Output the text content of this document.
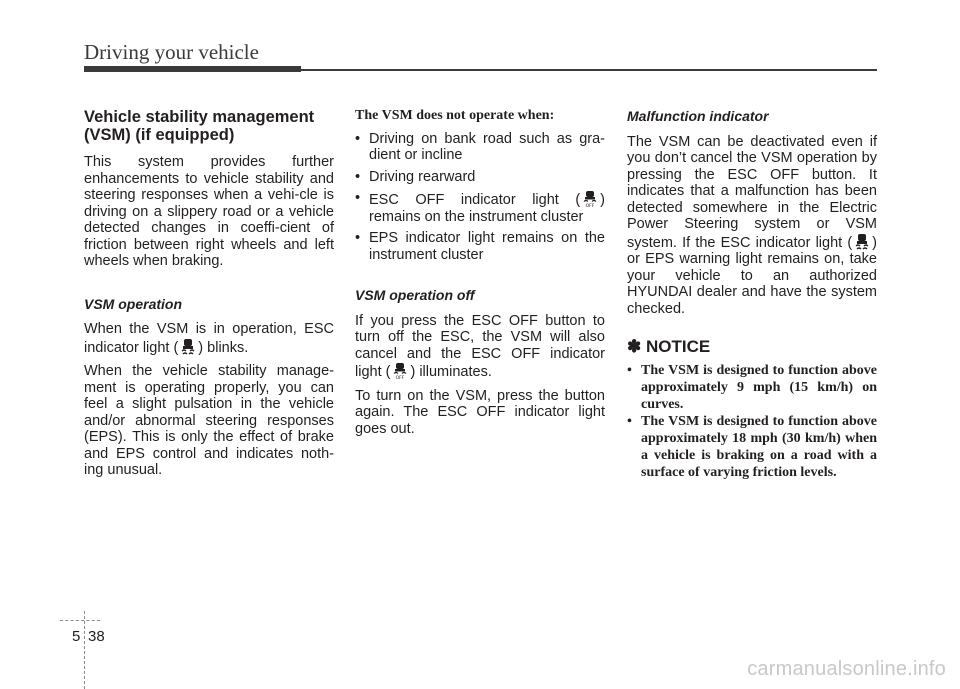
Driving your vehicle
Vehicle stability management (VSM) (if equipped)

This system provides further enhancements to vehicle stability and steering responses when a vehi-cle is driving on a slippery road or a vehicle detected changes in coeffi-cient of friction between right wheels and left wheels when braking.

VSM operation

When the VSM is in operation, ESC indicator light ( ) blinks.

When the vehicle stability manage-ment is operating properly, you can feel a slight pulsation in the vehicle and/or abnormal steering responses (EPS). This is only the effect of brake and EPS control and indicates noth-ing unusual.

The VSM does not operate when:
• Driving on bank road such as gra-dient or incline
• Driving rearward
• ESC OFF indicator light ( OFF ) remains on the instrument cluster
• EPS indicator light remains on the instrument cluster
VSM operation off

If you press the ESC OFF button to turn off the ESC, the VSM will also cancel and the ESC OFF indicator light ( OFF ) illuminates.

To turn on the VSM, press the button again. The ESC OFF indicator light goes out.

Malfunction indicator

The VSM can be deactivated even if you don’t cancel the VSM operation by pressing the ESC OFF button. It indicates that a malfunction has been detected somewhere in the Electric Power Steering system or VSM system. If the ESC indicator light ( ) or EPS warning light remains on, take your vehicle to an authorized HYUNDAI dealer and have the system checked.

✽ NOTICE
• The VSM is designed to function above approximately 9 mph (15 km/h) on curves.
• The VSM is designed to function above approximately 18 mph (30 km/h) when a vehicle is braking on a road with a surface of varying friction levels.
5 38
carmanualsonline.info
